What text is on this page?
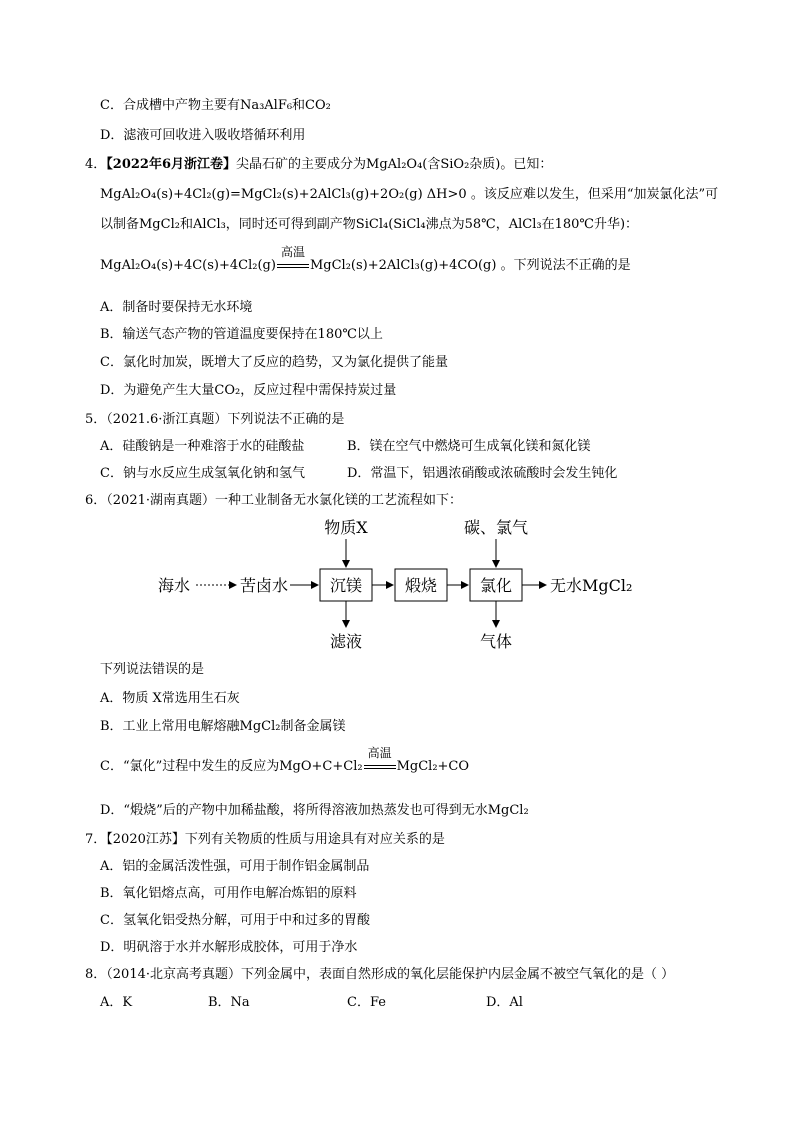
C．合成槽中产物主要有Na₃AlF₆和CO₂
D．滤液可回收进入吸收塔循环利用
4．【2022年6月浙江卷】尖晶石矿的主要成分为MgAl₂O₄(含SiO₂杂质)。已知：
MgAl₂O₄(s)+4Cl₂(g)=MgCl₂(s)+2AlCl₃(g)+2O₂(g) ΔH>0 。该反应难以发生，但采用“加炭氯化法”可
以制备MgCl₂和AlCl₃，同时还可得到副产物SiCl₄(SiCl₄沸点为58℃，AlCl₃在180℃升华)：
MgAl₂O₄(s)+4C(s)+4Cl₂(g)
高温
MgCl₂(s)+2AlCl₃(g)+4CO(g) 。下列说法不正确的是
A．制备时要保持无水环境
B．输送气态产物的管道温度要保持在180℃以上
C．氯化时加炭，既增大了反应的趋势，又为氯化提供了能量
D．为避免产生大量CO₂，反应过程中需保持炭过量
5．（2021.6·浙江真题）下列说法不正确的是
A．硅酸钠是一种难溶于水的硅酸盐	B．镁在空气中燃烧可生成氧化镁和氮化镁
C．钠与水反应生成氢氧化钠和氢气	D．常温下，铝遇浓硝酸或浓硫酸时会发生钝化
6．（2021·湖南真题）一种工业制备无水氯化镁的工艺流程如下：
物质X	碳、氯气
海水	苦卤水	沉镁	煅烧	氯化 无水MgCl₂
滤液	气体
下列说法错误的是
A．物质 X常选用生石灰
B．工业上常用电解熔融MgCl₂制备金属镁
C．“氯化”过程中发生的反应为MgO+C+Cl₂
高温
MgCl₂+CO
D．“煅烧”后的产物中加稀盐酸，将所得溶液加热蒸发也可得到无水MgCl₂
7．【2020江苏】下列有关物质的性质与用途具有对应关系的是
A．铝的金属活泼性强，可用于制作铝金属制品
B．氧化铝熔点高，可用作电解冶炼铝的原料
C．氢氧化铝受热分解，可用于中和过多的胃酸
D．明矾溶于水并水解形成胶体，可用于净水
8．（2014·北京高考真题）下列金属中，表面自然形成的氧化层能保护内层金属不被空气氧化的是（ ）
A．K	B．Na	C．Fe	D．Al
